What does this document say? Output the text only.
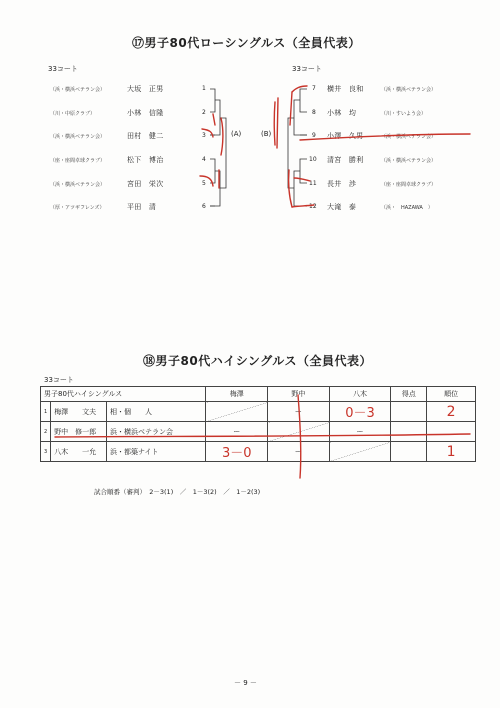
⑰男子80代ローシングルス（全員代表）
33コート	33コート
（浜・横浜ベテラン会）	大坂　正男	1
（川・中原クラブ）	小林　信隆	2
（浜・横浜ベテラン会）	田村　健二	3
（座・座間卓球クラブ）	松下　博治	4
（浜・横浜ベテラン会）	宮田　栄次	5
（厚・アツギフレンズ）	平田　清	6
7 横井　良和	（浜・横浜ベテラン会）
8 小林　均	（川・すいよう会）
9 小澤　久男	（浜・横浜ベテラン会）
10 清宮　勝利	（浜・横浜ベテラン会）
11 長井　渉	（座・座間卓球クラブ）
12 大滝　泰	（浜・　HAZAWA　）
(A)	(B)
⑱男子80代ハイシングルス（全員代表）
33コート
男子80代ハイシングルス			梅澤	野中	八木	得点	順位
1	梅澤　　文夫	相・個　　人		ー	0－3		2
2	野中　修一郎	浜・横浜ベテラン会	ー		ー		
3	八木　　一允	浜・都築ナイト	3－0	ー			1
試合順番（審判）　2－3(1)　／　1－3(2)　／　1－2(3)
－ 9 －
